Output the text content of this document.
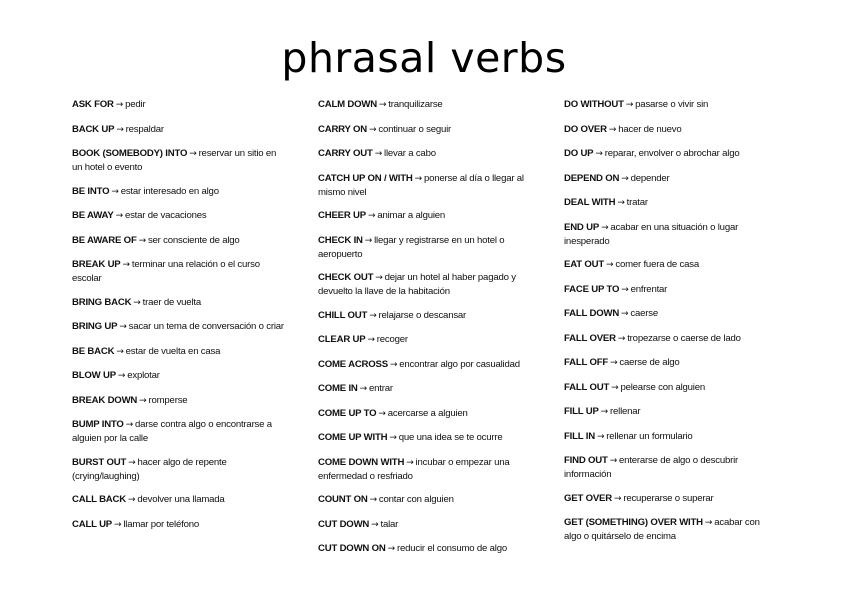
phrasal verbs
ASK FOR → pedir
BACK UP → respaldar
BOOK (SOMEBODY) INTO → reservar un sitio en un hotel o evento
BE INTO → estar interesado en algo
BE AWAY → estar de vacaciones
BE AWARE OF → ser consciente de algo
BREAK UP → terminar una relación o el curso escolar
BRING BACK → traer de vuelta
BRING UP → sacar un tema de conversación o criar
BE BACK → estar de vuelta en casa
BLOW UP → explotar
BREAK DOWN → romperse
BUMP INTO → darse contra algo o encontrarse a alguien por la calle
BURST OUT → hacer algo de repente (crying/laughing)
CALL BACK → devolver una llamada
CALL UP → llamar por teléfono
CALM DOWN → tranquilizarse
CARRY ON → continuar o seguir
CARRY OUT → llevar a cabo
CATCH UP ON / WITH → ponerse al día o llegar al mismo nivel
CHEER UP → animar a alguien
CHECK IN → llegar y registrarse en un hotel o aeropuerto
CHECK OUT → dejar un hotel al haber pagado y devuelto la llave de la habitación
CHILL OUT → relajarse o descansar
CLEAR UP → recoger
COME ACROSS → encontrar algo por casualidad
COME IN → entrar
COME UP TO → acercarse a alguien
COME UP WITH → que una idea se te ocurre
COME DOWN WITH → incubar o empezar una enfermedad o resfriado
COUNT ON → contar con alguien
CUT DOWN → talar
CUT DOWN ON → reducir el consumo de algo
DO WITHOUT → pasarse o vivir sin
DO OVER → hacer de nuevo
DO UP → reparar, envolver o abrochar algo
DEPEND ON → depender
DEAL WITH → tratar
END UP → acabar en una situación o lugar inesperado
EAT OUT → comer fuera de casa
FACE UP TO → enfrentar
FALL DOWN → caerse
FALL OVER → tropezarse o caerse de lado
FALL OFF → caerse de algo
FALL OUT → pelearse con alguien
FILL UP → rellenar
FILL IN → rellenar un formulario
FIND OUT → enterarse de algo o descubrir información
GET OVER → recuperarse o superar
GET (SOMETHING) OVER WITH → acabar con algo o quitárselo de encima
